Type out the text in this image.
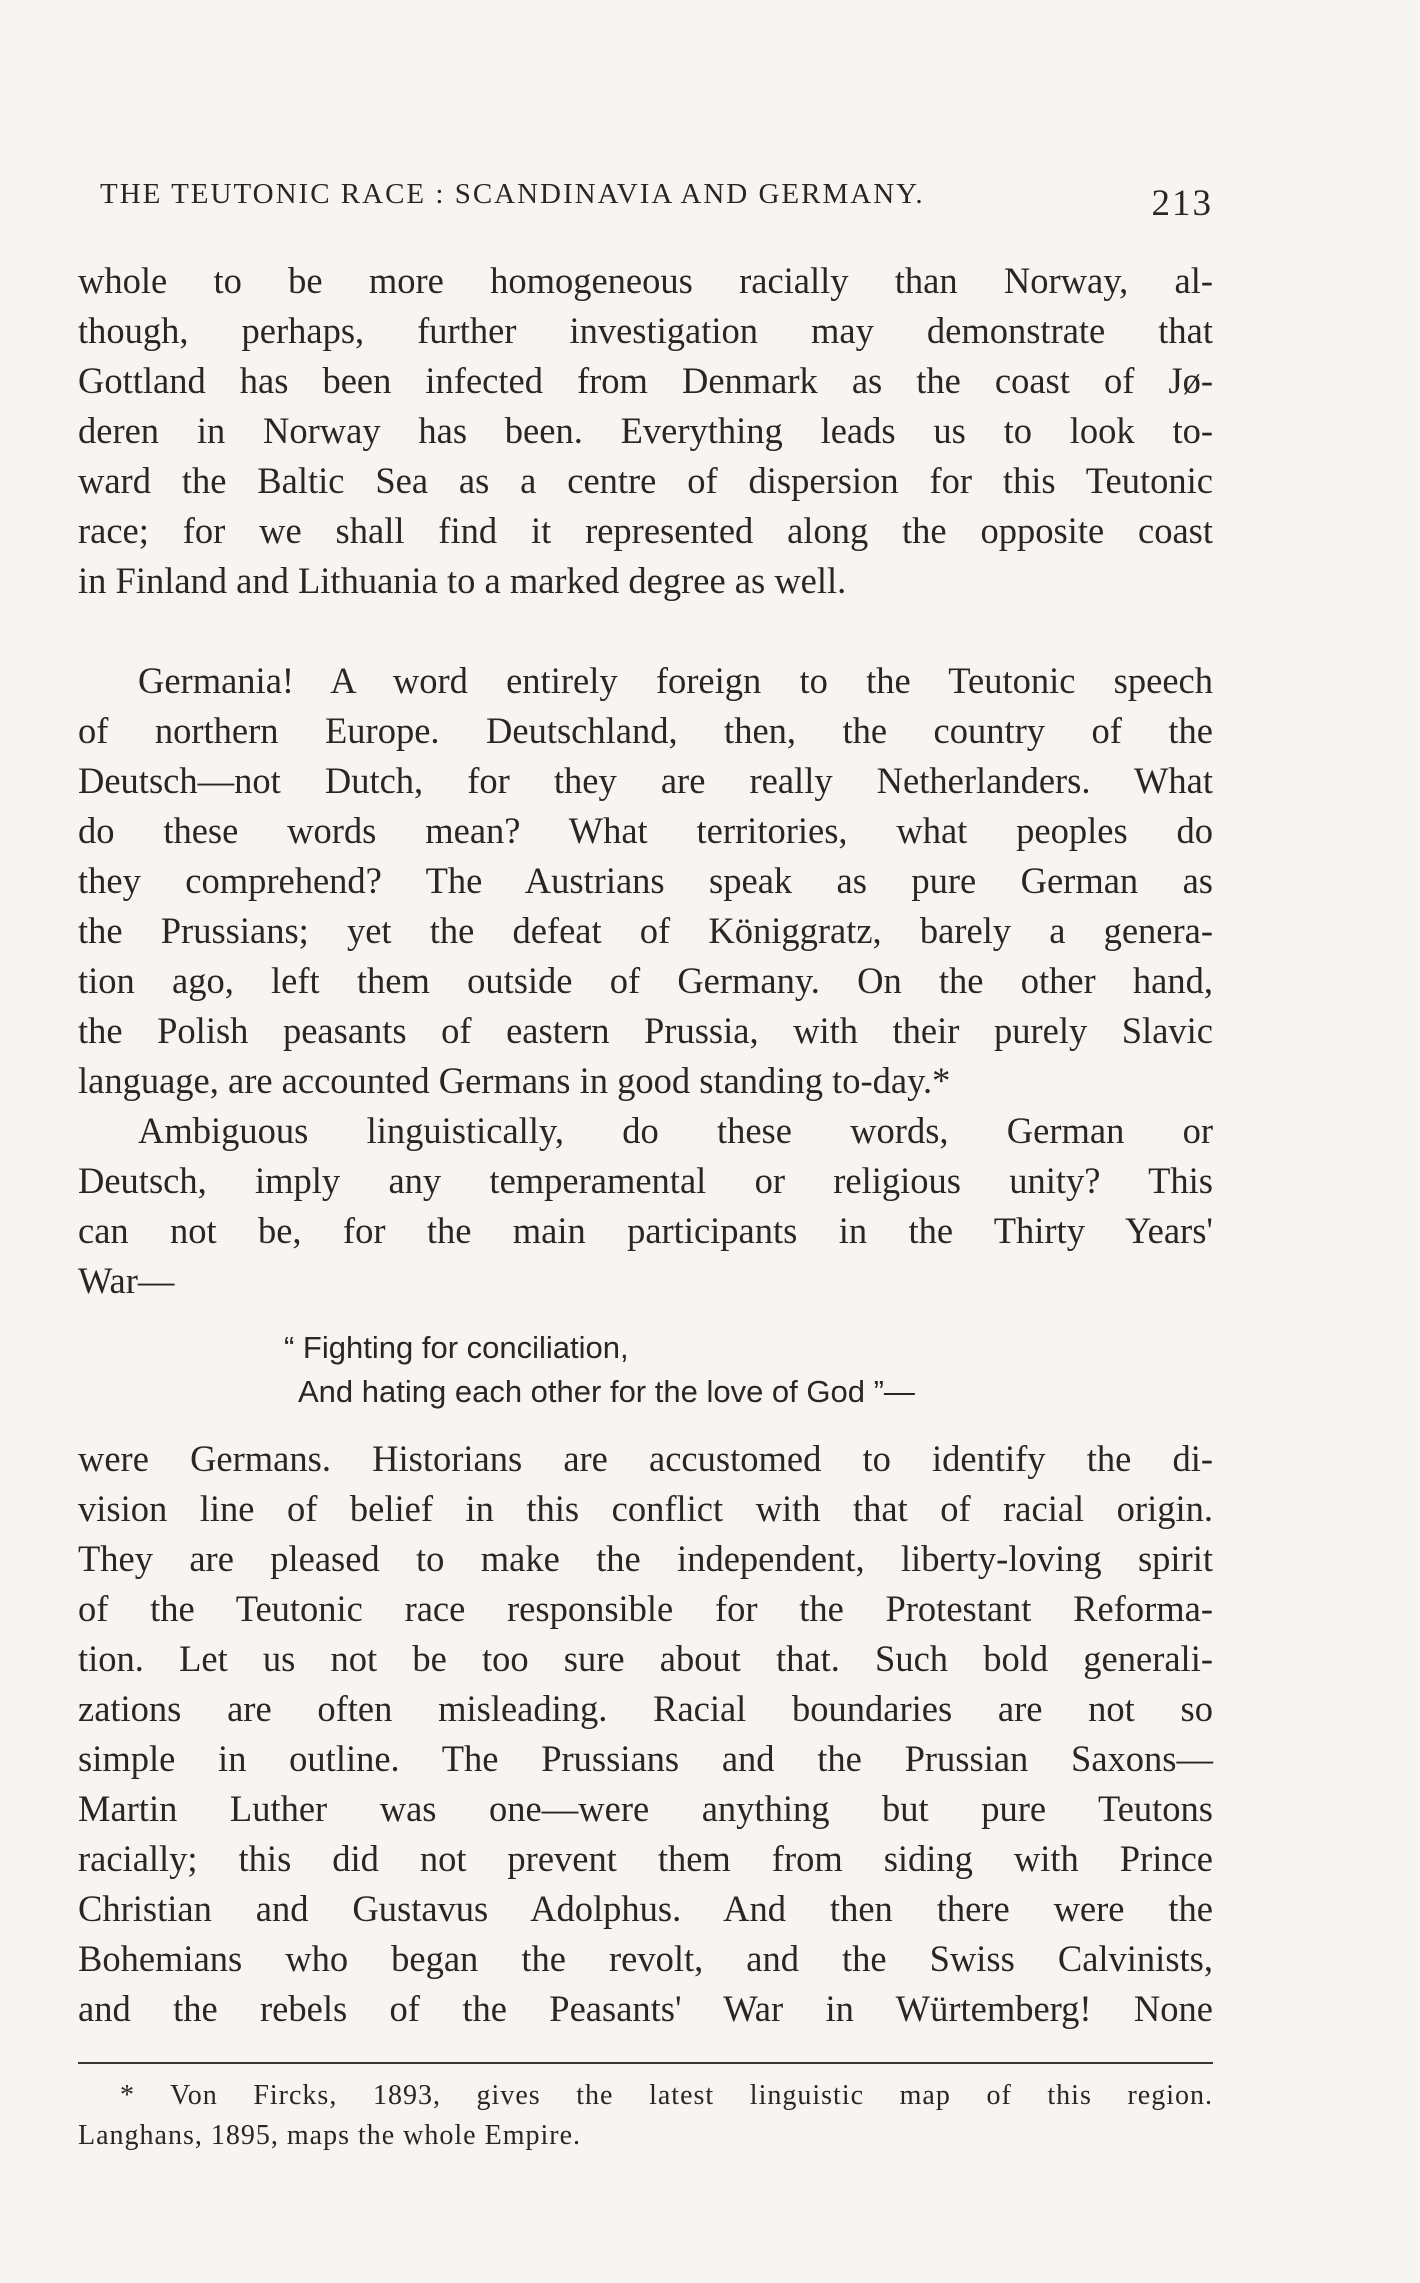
THE TEUTONIC RACE : SCANDINAVIA AND GERMANY.	213
whole to be more homogeneous racially than Norway, al-
though, perhaps, further investigation may demonstrate that
Gottland has been infected from Denmark as the coast of Jø-
deren in Norway has been. Everything leads us to look to-
ward the Baltic Sea as a centre of dispersion for this Teutonic
race; for we shall find it represented along the opposite coast
in Finland and Lithuania to a marked degree as well.
Germania! A word entirely foreign to the Teutonic speech
of northern Europe. Deutschland, then, the country of the
Deutsch—not Dutch, for they are really Netherlanders. What
do these words mean? What territories, what peoples do
they comprehend? The Austrians speak as pure German as
the Prussians; yet the defeat of Königgratz, barely a genera-
tion ago, left them outside of Germany. On the other hand,
the Polish peasants of eastern Prussia, with their purely Slavic
language, are accounted Germans in good standing to-day.*
Ambiguous linguistically, do these words, German or
Deutsch, imply any temperamental or religious unity? This
can not be, for the main participants in the Thirty Years'
War—
“ Fighting for conciliation,
And hating each other for the love of God ”—
were Germans. Historians are accustomed to identify the di-
vision line of belief in this conflict with that of racial origin.
They are pleased to make the independent, liberty-loving spirit
of the Teutonic race responsible for the Protestant Reforma-
tion. Let us not be too sure about that. Such bold generali-
zations are often misleading. Racial boundaries are not so
simple in outline. The Prussians and the Prussian Saxons—
Martin Luther was one—were anything but pure Teutons
racially; this did not prevent them from siding with Prince
Christian and Gustavus Adolphus. And then there were the
Bohemians who began the revolt, and the Swiss Calvinists,
and the rebels of the Peasants' War in Würtemberg! None
* Von Fircks, 1893, gives the latest linguistic map of this region.
Langhans, 1895, maps the whole Empire.
